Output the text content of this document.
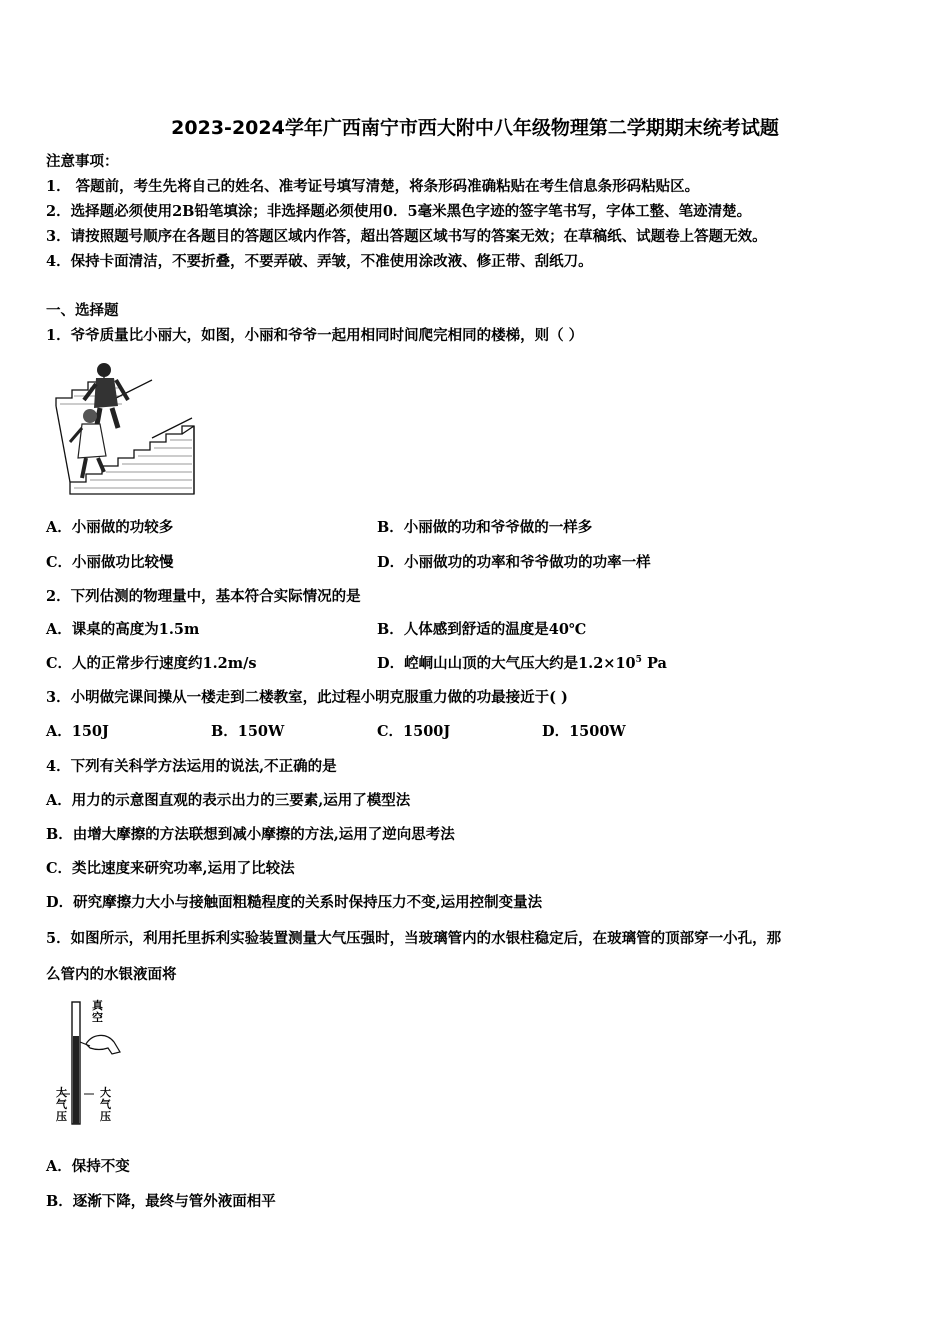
2023-2024学年广西南宁市西大附中八年级物理第二学期期末统考试题
注意事项：
1． 答题前，考生先将自己的姓名、准考证号填写清楚，将条形码准确粘贴在考生信息条形码粘贴区。
2．选择题必须使用2B铅笔填涂；非选择题必须使用0．5毫米黑色字迹的签字笔书写，字体工整、笔迹清楚。
3．请按照题号顺序在各题目的答题区域内作答，超出答题区域书写的答案无效；在草稿纸、试题卷上答题无效。
4．保持卡面清洁，不要折叠，不要弄破、弄皱，不准使用涂改液、修正带、刮纸刀。
一、选择题
1．爷爷质量比小丽大，如图，小丽和爷爷一起用相同时间爬完相同的楼梯，则（ ）
A．小丽做的功较多	B．小丽做的功和爷爷做的一样多
C．小丽做功比较慢	D．小丽做功的功率和爷爷做功的功率一样
2．下列估测的物理量中，基本符合实际情况的是
A．课桌的高度为1.5m	B．人体感到舒适的温度是40℃
C．人的正常步行速度约1.2m/s	D．崆峒山山顶的大气压大约是$1.2\times 10^5$ Pa
3．小明做完课间操从一楼走到二楼教室，此过程小明克服重力做的功最接近于( )
A．150J	B．150W	C．1500J	D．1500W
4．下列有关科学方法运用的说法,不正确的是
A．用力的示意图直观的表示出力的三要素,运用了模型法
B．由增大摩擦的方法联想到减小摩擦的方法,运用了逆向思考法
C．类比速度来研究功率,运用了比较法
D．研究摩擦力大小与接触面粗糙程度的关系时保持压力不变,运用控制变量法
5．如图所示，利用托里拆利实验装置测量大气压强时，当玻璃管内的水银柱稳定后，在玻璃管的顶部穿一小孔，那
么管内的水银液面将
真空
大气压
大气压
A．保持不变
B．逐渐下降，最终与管外液面相平
